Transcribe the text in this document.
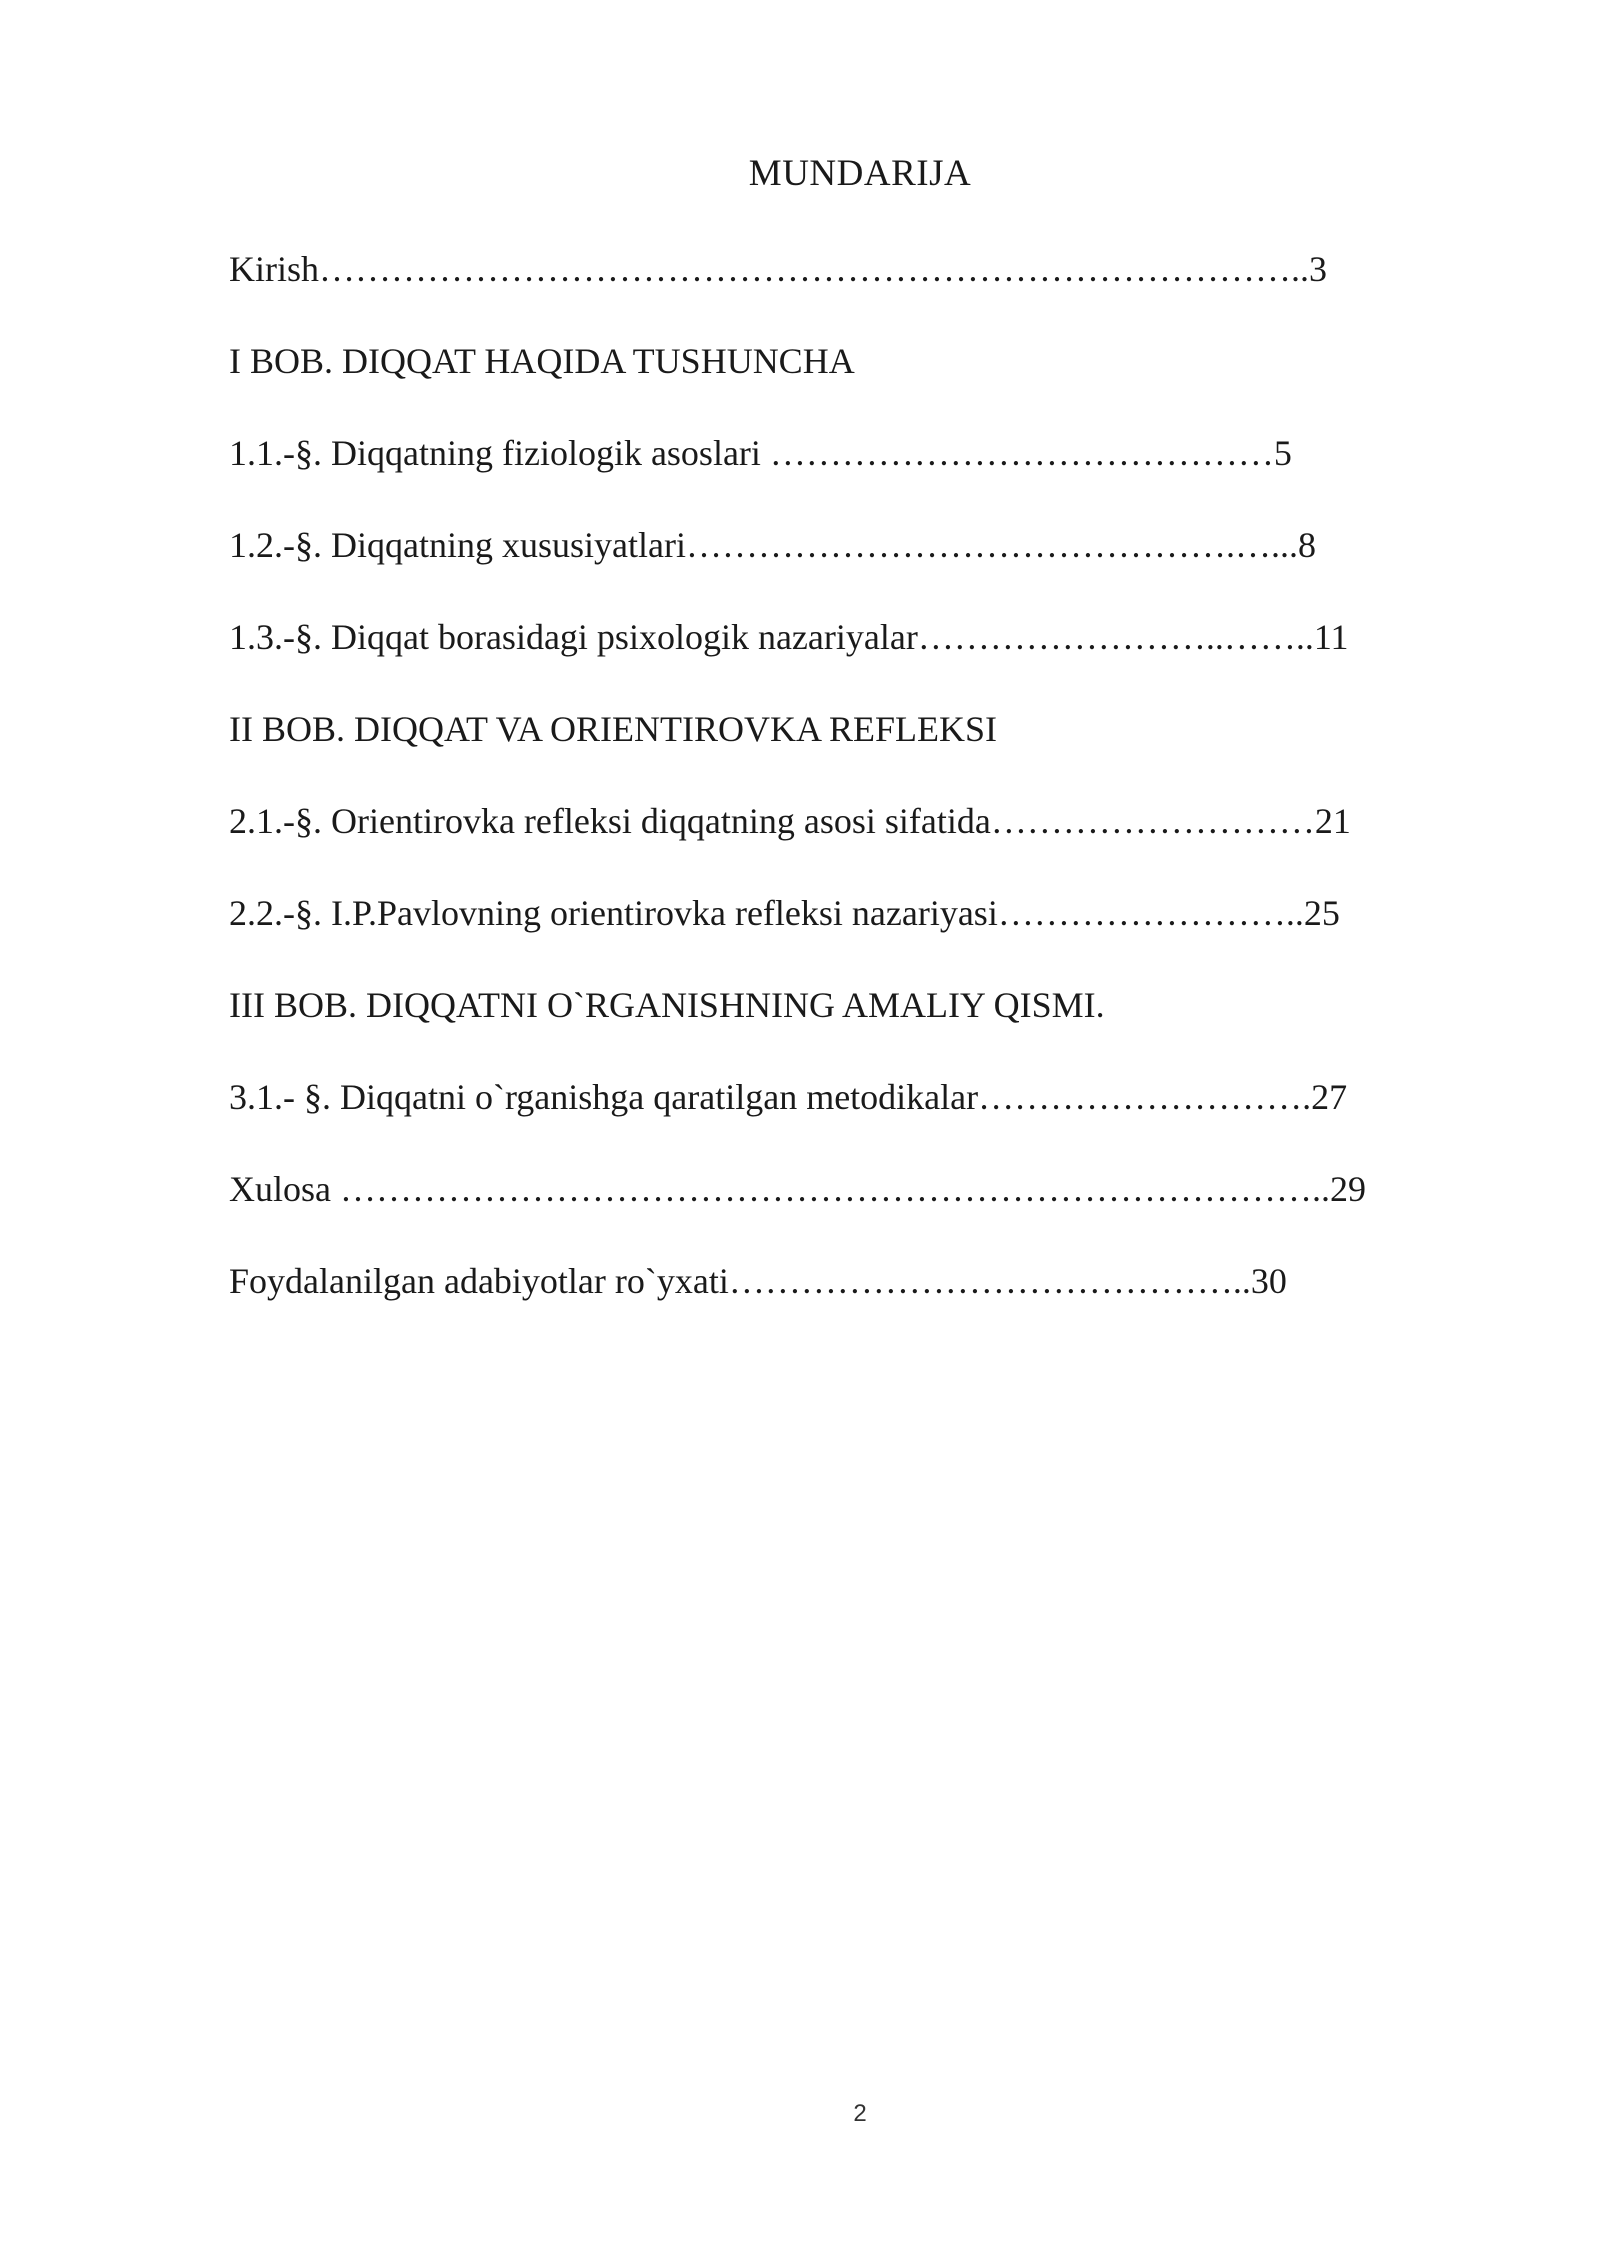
MUNDARIJA
Kirish………………………………………………………………………..3
I BOB. DIQQAT HAQIDA TUSHUNCHA
1.1.-§. Diqqatning fiziologik asoslari ……………………………………5
1.2.-§. Diqqatning xususiyatlari……………………………………….…...8
1.3.-§. Diqqat borasidagi psixologik nazariyalar……………………..……..11
II BOB. DIQQAT VA ORIENTIROVKA REFLEKSI
2.1.-§. Orientirovka refleksi diqqatning asosi sifatida………………………21
2.2.-§. I.P.Pavlovning orientirovka refleksi nazariyasi……………………..25
III BOB. DIQQATNI O`RGANISHNING AMALIY QISMI.
3.1.- §. Diqqatni o`rganishga qaratilgan metodikalar……………………….27
Xulosa ………………………………………………………………………..29
Foydalanilgan adabiyotlar ro`yxati……………………………………..30
2
